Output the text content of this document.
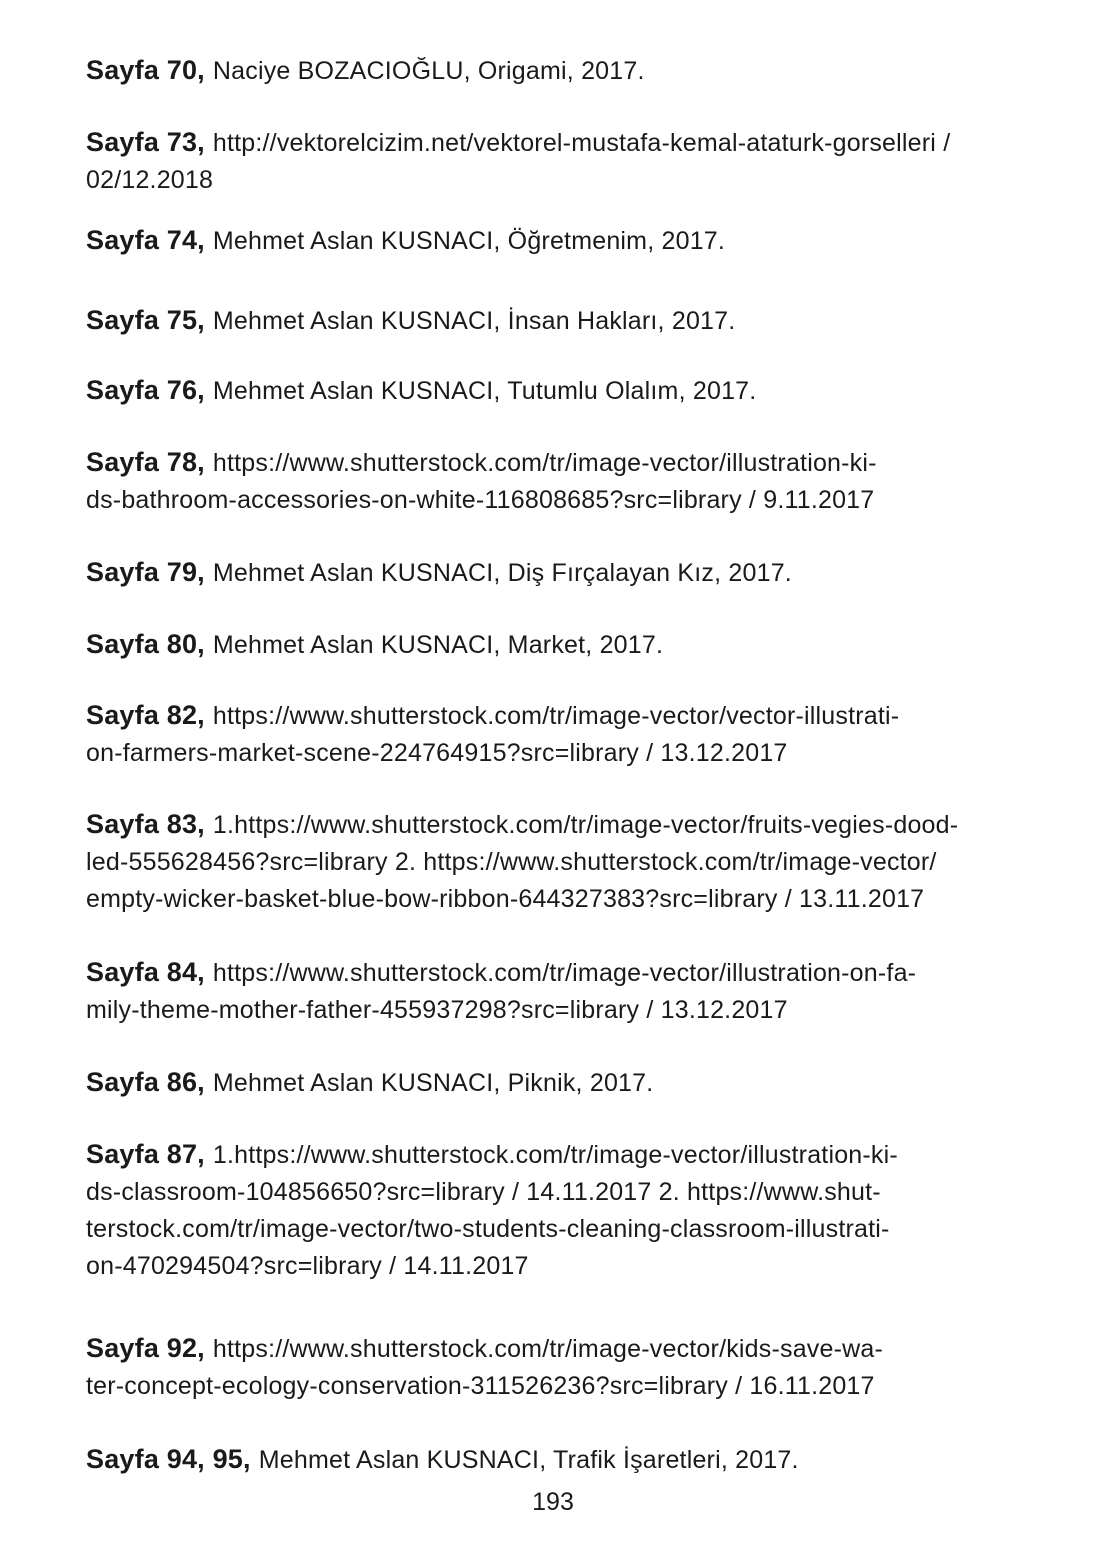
Sayfa 70, Naciye BOZACIOĞLU, Origami, 2017.
Sayfa 73, http://vektorelcizim.net/vektorel-mustafa-kemal-ataturk-gorselleri /
02/12.2018
Sayfa 74, Mehmet Aslan KUSNACI, Öğretmenim, 2017.
Sayfa 75, Mehmet Aslan KUSNACI, İnsan Hakları, 2017.
Sayfa 76, Mehmet Aslan KUSNACI, Tutumlu Olalım, 2017.
Sayfa 78, https://www.shutterstock.com/tr/image-vector/illustration-ki-
ds-bathroom-accessories-on-white-116808685?src=library / 9.11.2017
Sayfa 79, Mehmet Aslan KUSNACI, Diş Fırçalayan Kız, 2017.
Sayfa 80, Mehmet Aslan KUSNACI, Market, 2017.
Sayfa 82, https://www.shutterstock.com/tr/image-vector/vector-illustrati-
on-farmers-market-scene-224764915?src=library / 13.12.2017
Sayfa 83, 1.https://www.shutterstock.com/tr/image-vector/fruits-vegies-dood-
led-555628456?src=library 2. https://www.shutterstock.com/tr/image-vector/
empty-wicker-basket-blue-bow-ribbon-644327383?src=library / 13.11.2017
Sayfa 84, https://www.shutterstock.com/tr/image-vector/illustration-on-fa-
mily-theme-mother-father-455937298?src=library / 13.12.2017
Sayfa 86, Mehmet Aslan KUSNACI, Piknik, 2017.
Sayfa 87, 1.https://www.shutterstock.com/tr/image-vector/illustration-ki-
ds-classroom-104856650?src=library / 14.11.2017 2. https://www.shut-
terstock.com/tr/image-vector/two-students-cleaning-classroom-illustrati-
on-470294504?src=library / 14.11.2017
Sayfa 92, https://www.shutterstock.com/tr/image-vector/kids-save-wa-
ter-concept-ecology-conservation-311526236?src=library / 16.11.2017
Sayfa 94, 95, Mehmet Aslan KUSNACI, Trafik İşaretleri, 2017.
193
